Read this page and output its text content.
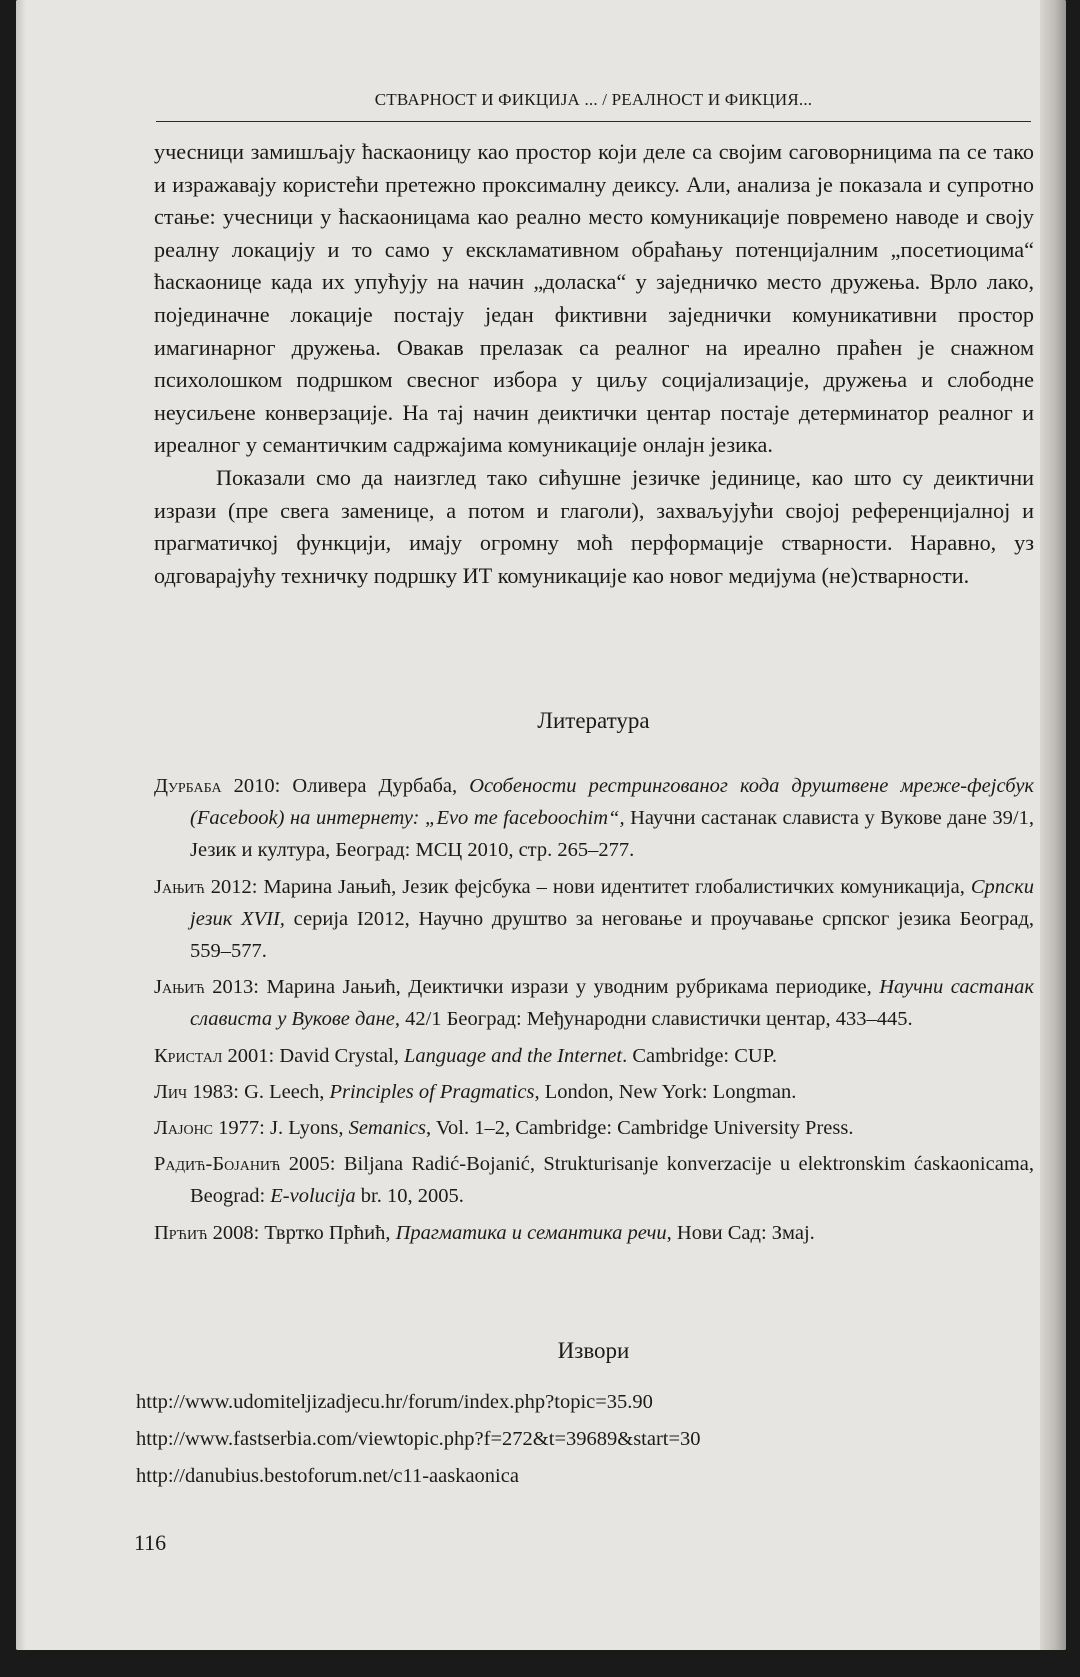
СТВАРНОСТ И ФИКЦИЈА ... / РЕАЛНОСТ И ФИКЦИЯ...

учесници замишљају ћаскаоницу као простор који деле са својим саговорницима па се тако и изражавају користећи претежно проксималну деиксу. Али, анализа је показала и супротно стање: учесници у ћаскаоницама као реално место комуникације повремено наводе и своју реалну локацију и то само у екскламативном обраћању потенцијалним „посетиоцима“ ћаскаонице када их упућују на начин „доласка“ у заједничко место дружења. Врло лако, појединачне локације постају један фиктивни заједнички комуникативни простор имагинарног дружења. Овакав прелазак са реалног на иреално праћен је снажном психолошком подршком свесног избора у циљу социјализације, дружења и слободне неусиљене конверзације. На тај начин деиктички центар постаје детерминатор реалног и иреалног у семантичким садржајима комуникације онлајн језика.

Показали смо да наизглед тако сићушне језичке јединице, као што су деиктични изрази (пре свега заменице, а потом и глаголи), захваљујући својој референцијалној и прагматичкој функцији, имају огромну моћ перформације стварности. Наравно, уз одговарајућу техничку подршку ИТ комуникације као новог медијума (не)стварности.

Литература
Дурбаба 2010: Оливера Дурбаба, Особености рестрингованог кода друштвене мреже-фејсбук (Facebook) на интернету: „Evo me faceboochim“, Научни састанак слависта у Вукове дане 39/1, Језик и култура, Београд: МСЦ 2010, стр. 265–277.
Јањић 2012: Марина Јањић, Језик фејсбука – нови идентитет глобалистичких комуникација, Српски језик XVII, серија I2012, Научно друштво за неговање и проучавање српског језика Београд, 559–577.
Јањић 2013: Марина Јањић, Деиктички изрази у уводним рубрикама периодике, Научни састанак слависта у Вукове дане, 42/1 Београд: Међународни славистички центар, 433–445.
Кристал 2001: David Crystal, Language and the Internet. Cambridge: CUP.
Лич 1983: G. Leech, Principles of Pragmatics, London, New York: Longman.
Лајонс 1977: J. Lyons, Semanics, Vol. 1–2, Cambridge: Cambridge University Press.
Радић-Бојанић 2005: Biljana Radić-Bojanić, Strukturisanje konverzacije u elektronskim ćaskaonicama, Beograd: E-volucija br. 10, 2005.
Прћић 2008: Твртко Прћић, Прагматика и семантика речи, Нови Сад: Змај.
Извори
http://www.udomiteljizadjecu.hr/forum/index.php?topic=35.90
http://www.fastserbia.com/viewtopic.php?f=272&t=39689&start=30
http://danubius.bestoforum.net/c11-aaskaonica
116
